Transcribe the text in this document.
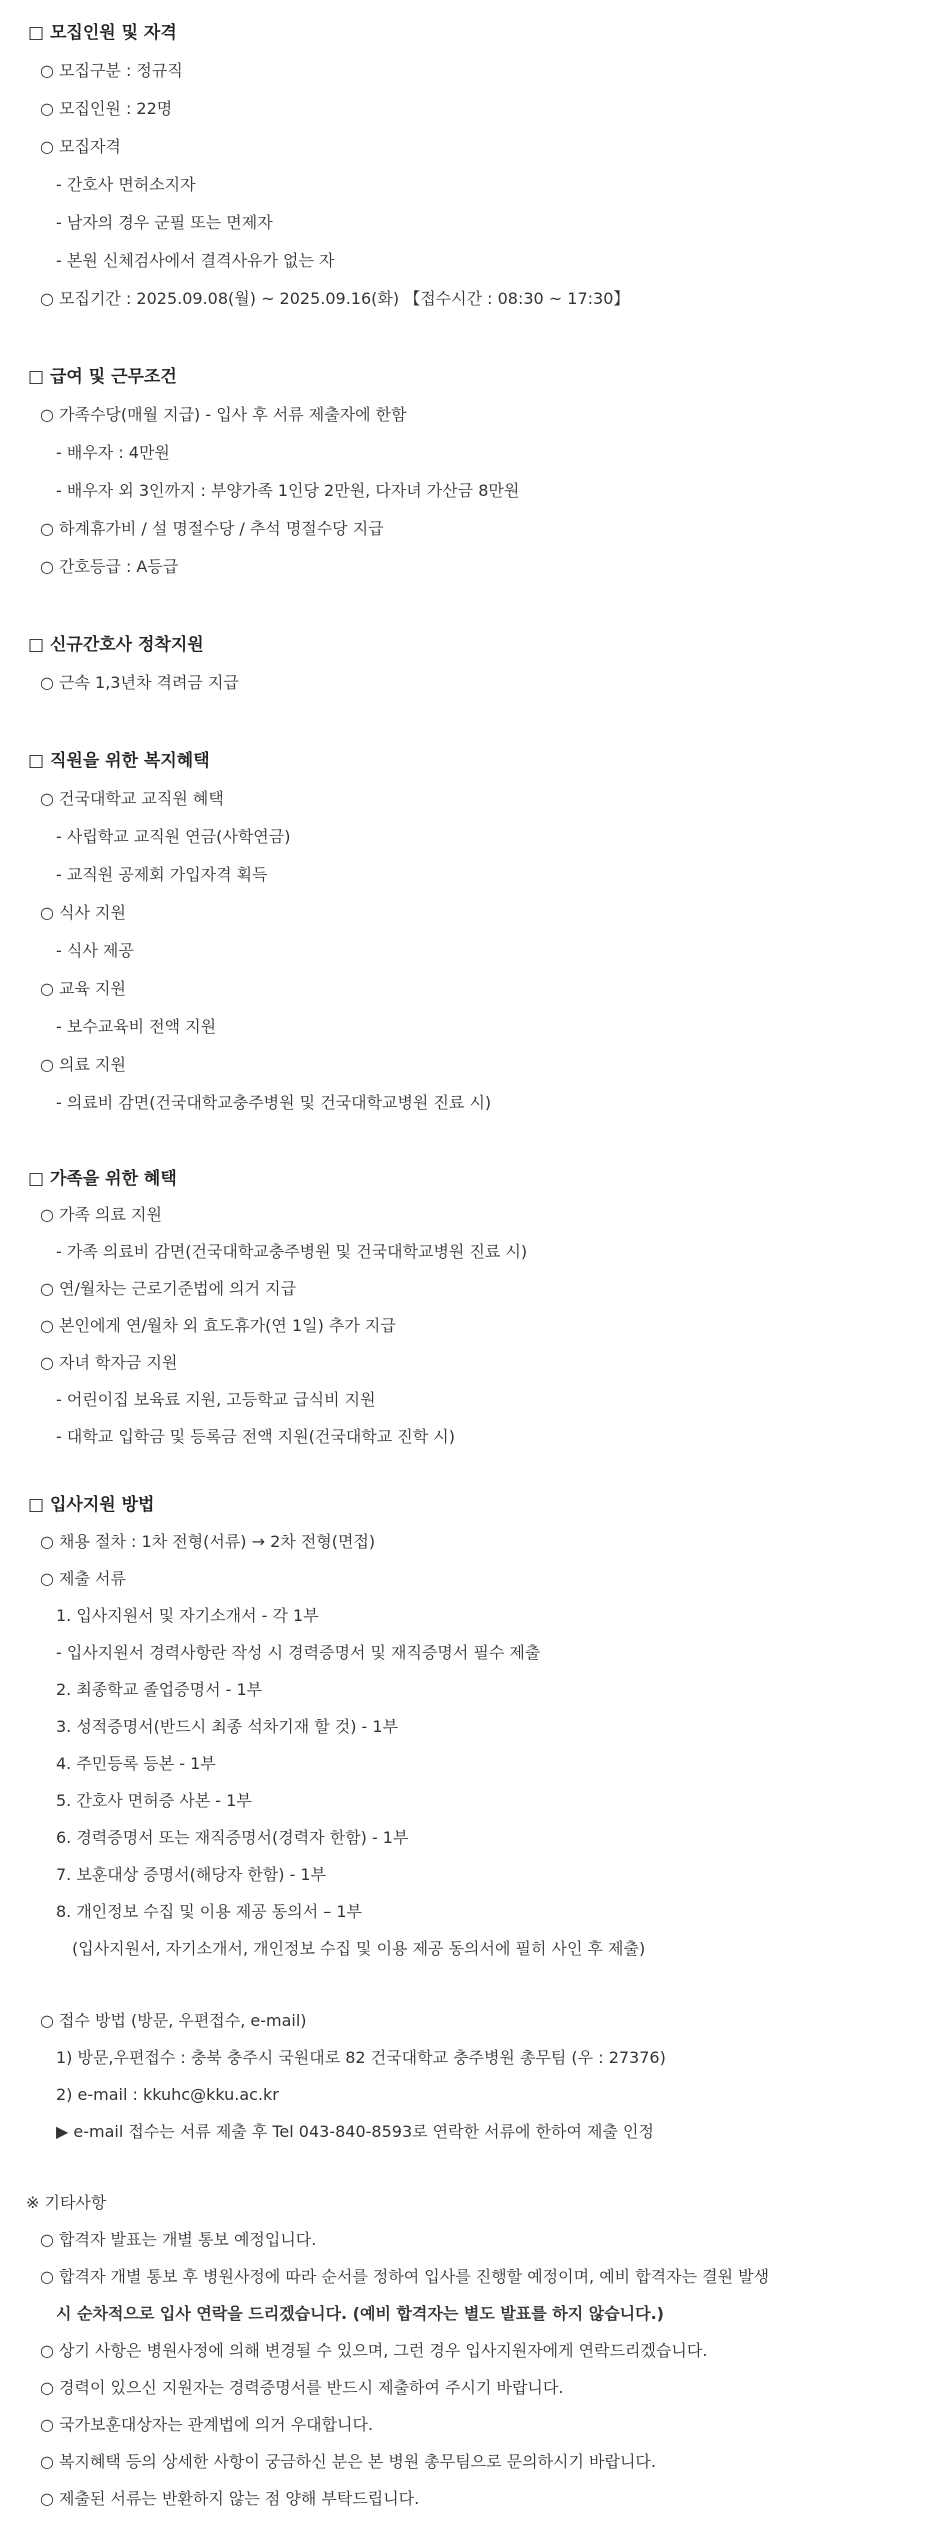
□ 모집인원 및 자격
○ 모집구분 : 정규직
○ 모집인원 : 22명
○ 모집자격
- 간호사 면허소지자
- 남자의 경우 군필 또는 면제자
- 본원 신체검사에서 결격사유가 없는 자
○ 모집기간 : 2025.09.08(월) ~ 2025.09.16(화) 【접수시간 : 08:30 ~ 17:30】
□ 급여 및 근무조건
○ 가족수당(매월 지급) - 입사 후 서류 제출자에 한함
- 배우자 : 4만원
- 배우자 외 3인까지 : 부양가족 1인당 2만원, 다자녀 가산금 8만원
○ 하계휴가비 / 설 명절수당 / 추석 명절수당 지급
○ 간호등급 : A등급
□ 신규간호사 정착지원
○ 근속 1,3년차 격려금 지급
□ 직원을 위한 복지혜택
○ 건국대학교 교직원 혜택
- 사립학교 교직원 연금(사학연금)
- 교직원 공제회 가입자격 획득
○ 식사 지원
- 식사 제공
○ 교육 지원
- 보수교육비 전액 지원
○ 의료 지원
- 의료비 감면(건국대학교충주병원 및 건국대학교병원 진료 시)
□ 가족을 위한 혜택
○ 가족 의료 지원
- 가족 의료비 감면(건국대학교충주병원 및 건국대학교병원 진료 시)
○ 연/월차는 근로기준법에 의거 지급
○ 본인에게 연/월차 외 효도휴가(연 1일) 추가 지급
○ 자녀 학자금 지원
- 어린이집 보육료 지원, 고등학교 급식비 지원
- 대학교 입학금 및 등록금 전액 지원(건국대학교 진학 시)
□ 입사지원 방법
○ 채용 절차 : 1차 전형(서류) → 2차 전형(면접)
○ 제출 서류
1. 입사지원서 및 자기소개서 - 각 1부
- 입사지원서 경력사항란 작성 시 경력증명서 및 재직증명서 필수 제출
2. 최종학교 졸업증명서 - 1부
3. 성적증명서(반드시 최종 석차기재 할 것) - 1부
4. 주민등록 등본 - 1부
5. 간호사 면허증 사본 - 1부
6. 경력증명서 또는 재직증명서(경력자 한함) - 1부
7. 보훈대상 증명서(해당자 한함) - 1부
8. 개인정보 수집 및 이용 제공 동의서 – 1부
(입사지원서, 자기소개서, 개인정보 수집 및 이용 제공 동의서에 필히 사인 후 제출)
○ 접수 방법 (방문, 우편접수, e-mail)
1) 방문,우편접수 : 충북 충주시 국원대로 82 건국대학교 충주병원 총무팀 (우 : 27376)
2) e-mail : kkuhc@kku.ac.kr
▶ e-mail 접수는 서류 제출 후 Tel 043-840-8593로 연락한 서류에 한하여 제출 인정
※ 기타사항
○ 합격자 발표는 개별 통보 예정입니다.
○ 합격자 개별 통보 후 병원사정에 따라 순서를 정하여 입사를 진행할 예정이며, 예비 합격자는 결원 발생
시 순차적으로 입사 연락을 드리겠습니다. (예비 합격자는 별도 발표를 하지 않습니다.)
○ 상기 사항은 병원사정에 의해 변경될 수 있으며, 그런 경우 입사지원자에게 연락드리겠습니다.
○ 경력이 있으신 지원자는 경력증명서를 반드시 제출하여 주시기 바랍니다.
○ 국가보훈대상자는 관계법에 의거 우대합니다.
○ 복지혜택 등의 상세한 사항이 궁금하신 분은 본 병원 총무팀으로 문의하시기 바랍니다.
○ 제출된 서류는 반환하지 않는 점 양해 부탁드립니다.
